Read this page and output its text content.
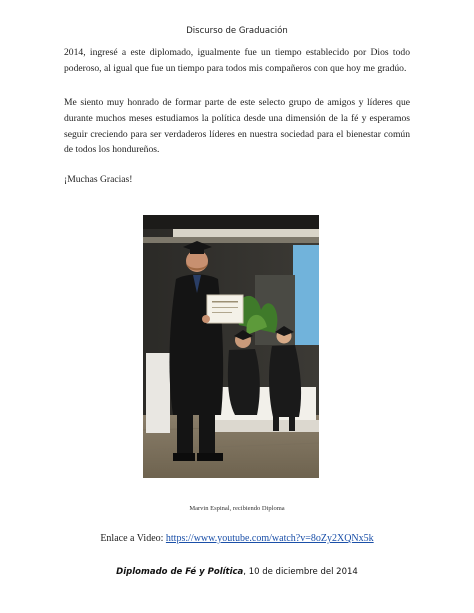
Discurso de Graduación
2014, ingresé a este diplomado, igualmente fue un tiempo establecido por Dios todo poderoso, al igual que fue un tiempo para todos mis compañeros con que hoy me gradúo.
Me siento muy honrado de formar parte de este selecto grupo de amigos y líderes que durante muchos meses estudiamos la política desde una dimensión de la fé y esperamos seguir creciendo para ser verdaderos líderes en nuestra sociedad para el bienestar común de todos los hondureños.
¡Muchas Gracias!
Marvin Espinal, recibiendo Diploma
Enlace a Video: https://www.youtube.com/watch?v=8oZy2XQNx5k
Diplomado de Fé y Política, 10 de diciembre del 2014
